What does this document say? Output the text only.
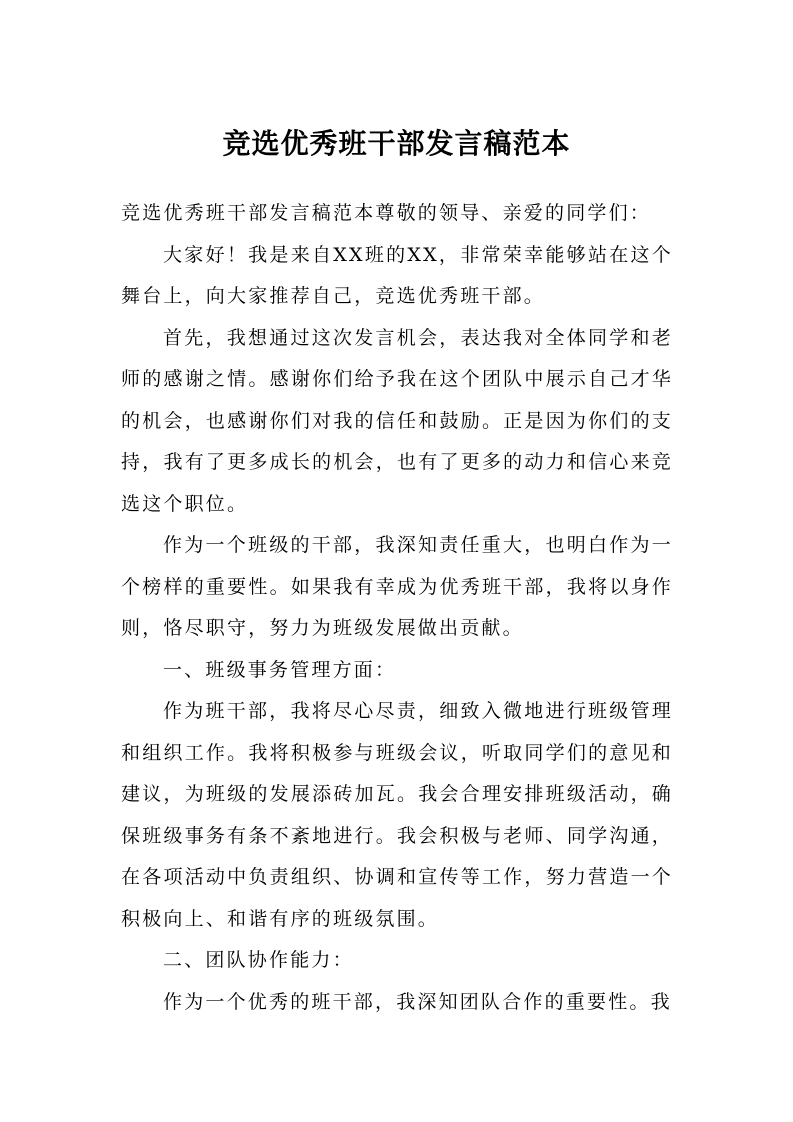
竞选优秀班干部发言稿范本

竞选优秀班干部发言稿范本尊敬的领导、亲爱的同学们：

大家好！我是来自XX班的XX，非常荣幸能够站在这个舞台上，向大家推荐自己，竞选优秀班干部。

首先，我想通过这次发言机会，表达我对全体同学和老师的感谢之情。感谢你们给予我在这个团队中展示自己才华的机会，也感谢你们对我的信任和鼓励。正是因为你们的支持，我有了更多成长的机会，也有了更多的动力和信心来竞选这个职位。

作为一个班级的干部，我深知责任重大，也明白作为一个榜样的重要性。如果我有幸成为优秀班干部，我将以身作则，恪尽职守，努力为班级发展做出贡献。

一、班级事务管理方面：

作为班干部，我将尽心尽责，细致入微地进行班级管理和组织工作。我将积极参与班级会议，听取同学们的意见和建议，为班级的发展添砖加瓦。我会合理安排班级活动，确保班级事务有条不紊地进行。我会积极与老师、同学沟通，在各项活动中负责组织、协调和宣传等工作，努力营造一个积极向上、和谐有序的班级氛围。

二、团队协作能力：

作为一个优秀的班干部，我深知团队合作的重要性。我
